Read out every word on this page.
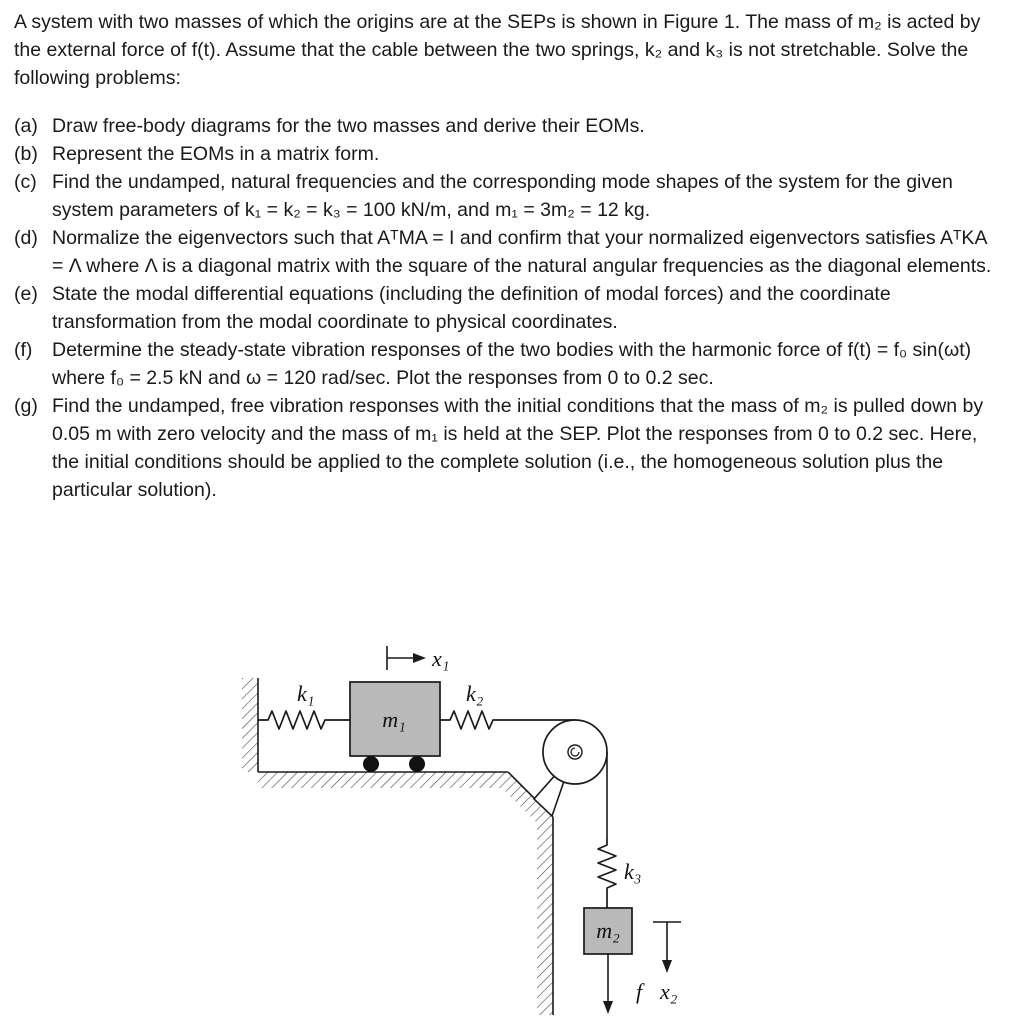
A system with two masses of which the origins are at the SEPs is shown in Figure 1. The mass of m₂ is acted by the external force of f(t). Assume that the cable between the two springs, k₂ and k₃ is not stretchable. Solve the following problems:

(a) Draw free-body diagrams for the two masses and derive their EOMs.
(b) Represent the EOMs in a matrix form.
(c) Find the undamped, natural frequencies and the corresponding mode shapes of the system for the given system parameters of k₁ = k₂ = k₃ = 100 kN/m, and m₁ = 3m₂ = 12 kg.
(d) Normalize the eigenvectors such that AᵀMA = I and confirm that your normalized eigenvectors satisfies AᵀKA = Λ where Λ is a diagonal matrix with the square of the natural angular frequencies as the diagonal elements.
(e) State the modal differential equations (including the definition of modal forces) and the coordinate transformation from the modal coordinate to physical coordinates.
(f)	Determine the steady-state vibration responses of the two bodies with the harmonic force of f(t) = f₀ sin(ωt) where f₀ = 2.5 kN and ω = 120 rad/sec. Plot the responses from 0 to 0.2 sec.
(g) Find the undamped, free vibration responses with the initial conditions that the mass of m₂ is pulled down by 0.05 m with zero velocity and the mass of m₁ is held at the SEP. Plot the responses from 0 to 0.2 sec. Here, the initial conditions should be applied to the complete solution (i.e., the homogeneous solution plus the particular solution).
x₁
k₁	k₂
m₁
k₃
m₂
f x₂
